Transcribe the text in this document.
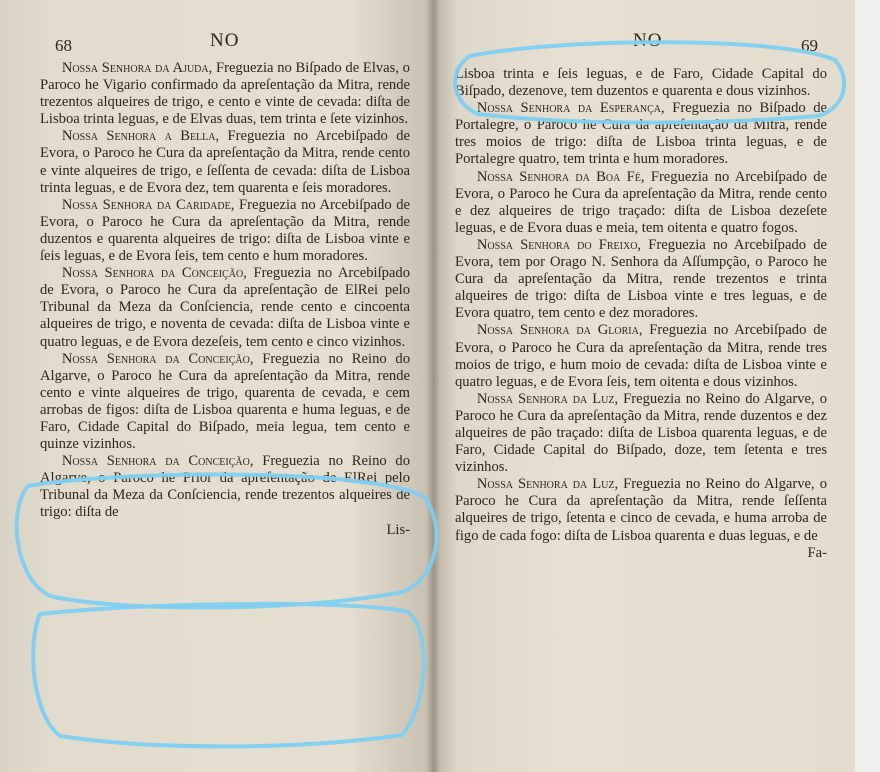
68	NO

Nossa Senhora da Ajuda, Freguezia no Biſpado de Elvas, o Paroco he Vigario confirmado da apreſentação da Mitra, rende trezentos alqueires de trigo, e cento e vinte de cevada: diſta de Lisboa trinta leguas, e de Elvas duas, tem trinta e ſete vizinhos.

Nossa Senhora a Bella, Freguezia no Arcebiſpado de Evora, o Paroco he Cura da apreſentação da Mitra, rende cento e vinte alqueires de trigo, e ſeſſenta de cevada: diſta de Lisboa trinta leguas, e de Evora dez, tem quarenta e ſeis moradores.

Nossa Senhora da Caridade, Freguezia no Arcebiſpado de Evora, o Paroco he Cura da apreſentação da Mitra, rende duzentos e quarenta alqueires de trigo: diſta de Lisboa vinte e ſeis leguas, e de Evora ſeis, tem cento e hum moradores.

Nossa Senhora da Conceição, Freguezia no Arcebiſpado de Evora, o Paroco he Cura da apreſentação de ElRei pelo Tribunal da Meza da Conſciencia, rende cento e cincoenta alqueires de trigo, e noventa de cevada: diſta de Lisboa vinte e quatro leguas, e de Evora dezeſeis, tem cento e cinco vizinhos.

Nossa Senhora da Conceição, Freguezia no Reino do Algarve, o Paroco he Cura da apreſentação da Mitra, rende cento e vinte alqueires de trigo, quarenta de cevada, e cem arrobas de figos: diſta de Lisboa quarenta e huma leguas, e de Faro, Cidade Capital do Biſpado, meia legua, tem cento e quinze vizinhos.

Nossa Senhora da Conceição, Freguezia no Reino do Algarve, o Paroco he Prior da apreſentação de ElRei pelo Tribunal da Meza da Conſciencia, rende trezentos alqueires de trigo: diſta de

Lis-

NO	69

Lisboa trinta e ſeis leguas, e de Faro, Cidade Capital do Biſpado, dezenove, tem duzentos e quarenta e dous vizinhos.

Nossa Senhora da Esperança, Freguezia no Biſpado de Portalegre, o Paroco he Cura da apreſentação da Mitra, rende tres moios de trigo: diſta de Lisboa trinta leguas, e de Portalegre quatro, tem trinta e hum moradores.

Nossa Senhora da Boa Fé, Freguezia no Arcebiſpado de Evora, o Paroco he Cura da apreſentação da Mitra, rende cento e dez alqueires de trigo traçado: diſta de Lisboa dezeſete leguas, e de Evora duas e meia, tem oitenta e quatro fogos.

Nossa Senhora do Freixo, Freguezia no Arcebiſpado de Evora, tem por Orago N. Senhora da Aſſumpção, o Paroco he Cura da apreſentação da Mitra, rende trezentos e trinta alqueires de trigo: diſta de Lisboa vinte e tres leguas, e de Evora quatro, tem cento e dez moradores.

Nossa Senhora da Gloria, Freguezia no Arcebiſpado de Evora, o Paroco he Cura da apreſentação da Mitra, rende tres moios de trigo, e hum moio de cevada: diſta de Lisboa vinte e quatro leguas, e de Evora ſeis, tem oitenta e dous vizinhos.

Nossa Senhora da Luz, Freguezia no Reino do Algarve, o Paroco he Cura da apreſentação da Mitra, rende duzentos e dez alqueires de pão traçado: diſta de Lisboa quarenta leguas, e de Faro, Cidade Capital do Biſpado, doze, tem ſetenta e tres vizinhos.

Nossa Senhora da Luz, Freguezia no Reino do Algarve, o Paroco he Cura da apreſentação da Mitra, rende ſeſſenta alqueires de trigo, ſetenta e cinco de cevada, e huma arroba de figo de cada fogo: diſta de Lisboa quarenta e duas leguas, e de

Fa-
